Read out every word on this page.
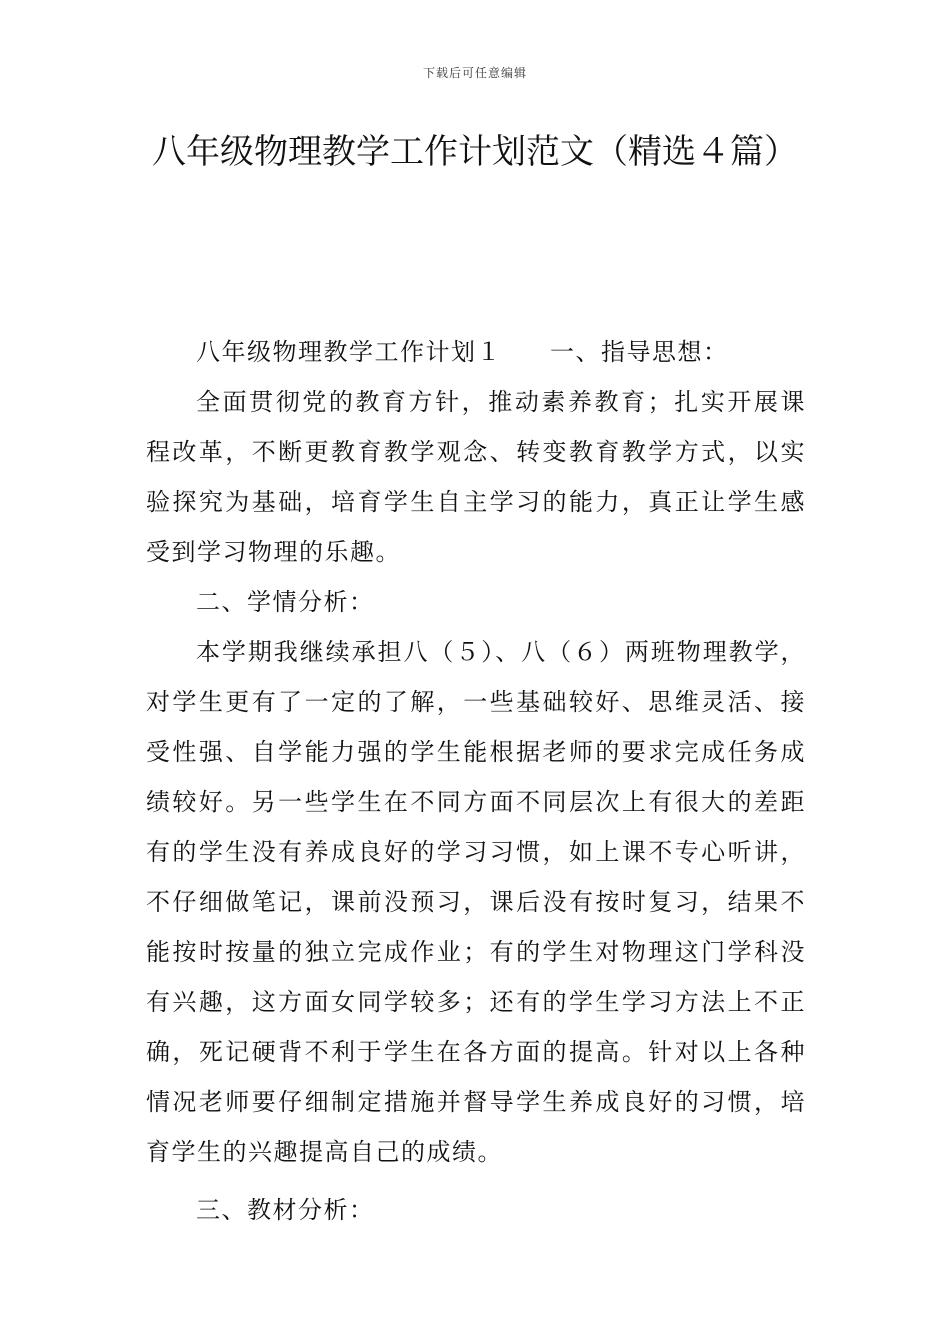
下载后可任意编辑
八年级物理教学工作计划范文（精选４篇）

八年级物理教学工作计划１ 一、指导思想：

全面贯彻党的教育方针，推动素养教育；扎实开展课程改革，不断更教育教学观念、转变教育教学方式，以实验探究为基础，培育学生自主学习的能力，真正让学生感受到学习物理的乐趣。

二、学情分析：

本学期我继续承担八（５）、八（６）两班物理教学，对学生更有了一定的了解，一些基础较好、思维灵活、接受性强、自学能力强的学生能根据老师的要求完成任务成绩较好。另一些学生在不同方面不同层次上有很大的差距有的学生没有养成良好的学习习惯，如上课不专心听讲，不仔细做笔记，课前没预习，课后没有按时复习，结果不能按时按量的独立完成作业；有的学生对物理这门学科没有兴趣，这方面女同学较多；还有的学生学习方法上不正确，死记硬背不利于学生在各方面的提高。针对以上各种情况老师要仔细制定措施并督导学生养成良好的习惯，培育学生的兴趣提高自己的成绩。

三、教材分析：
